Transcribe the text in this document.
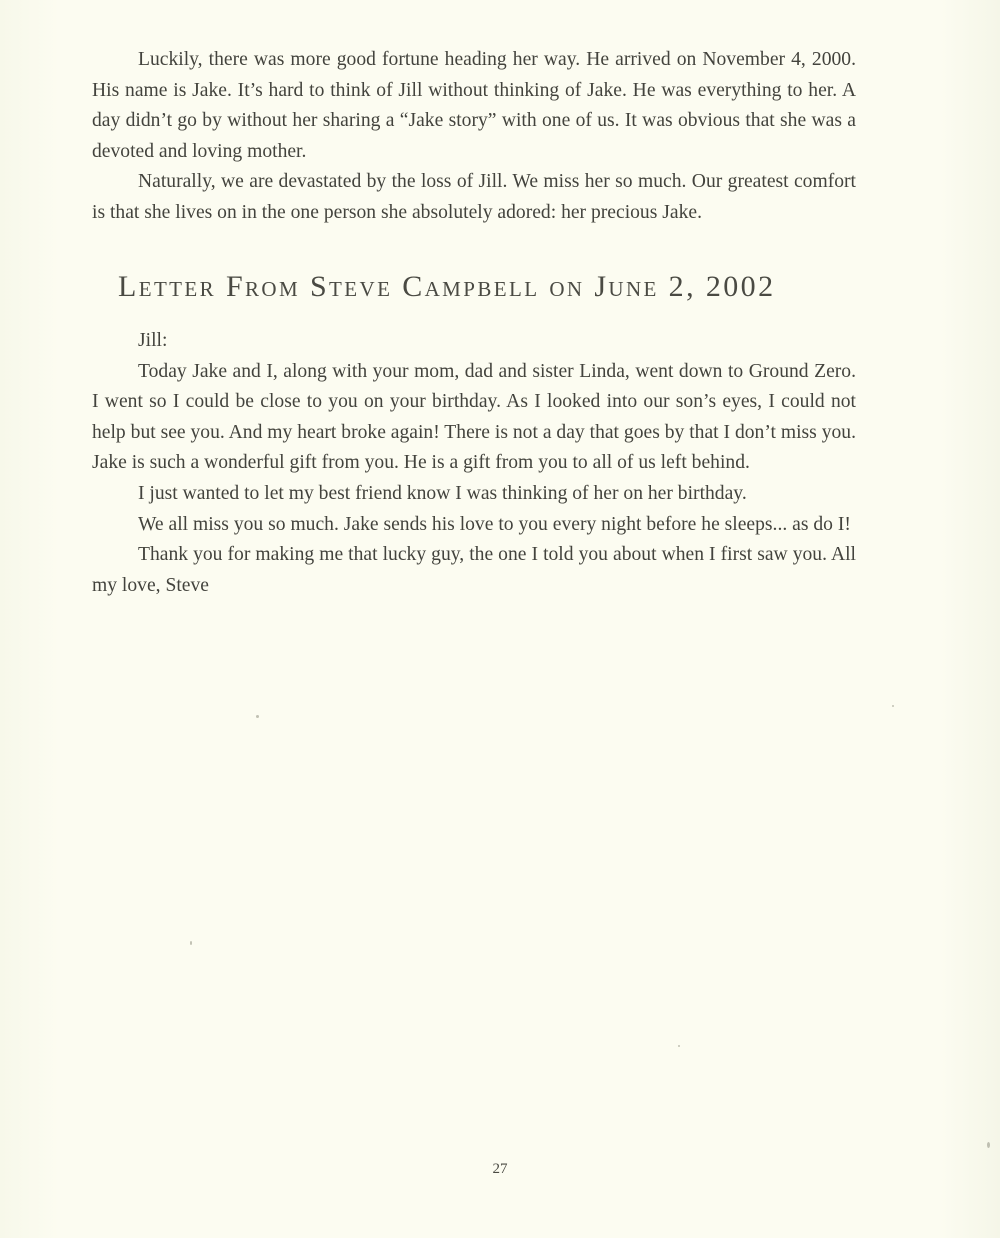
Luckily, there was more good fortune heading her way. He arrived on November 4, 2000. His name is Jake. It’s hard to think of Jill without thinking of Jake. He was everything to her. A day didn’t go by without her sharing a “Jake story” with one of us. It was obvious that she was a devoted and loving mother.

Naturally, we are devastated by the loss of Jill. We miss her so much. Our greatest comfort is that she lives on in the one person she absolutely adored: her precious Jake.

Letter From Steve Campbell on June 2, 2002

Jill:

Today Jake and I, along with your mom, dad and sister Linda, went down to Ground Zero. I went so I could be close to you on your birthday. As I looked into our son’s eyes, I could not help but see you. And my heart broke again! There is not a day that goes by that I don’t miss you. Jake is such a wonderful gift from you. He is a gift from you to all of us left behind.

I just wanted to let my best friend know I was thinking of her on her birthday.

We all miss you so much. Jake sends his love to you every night before he sleeps... as do I!

Thank you for making me that lucky guy, the one I told you about when I first saw you. All my love, Steve

27
